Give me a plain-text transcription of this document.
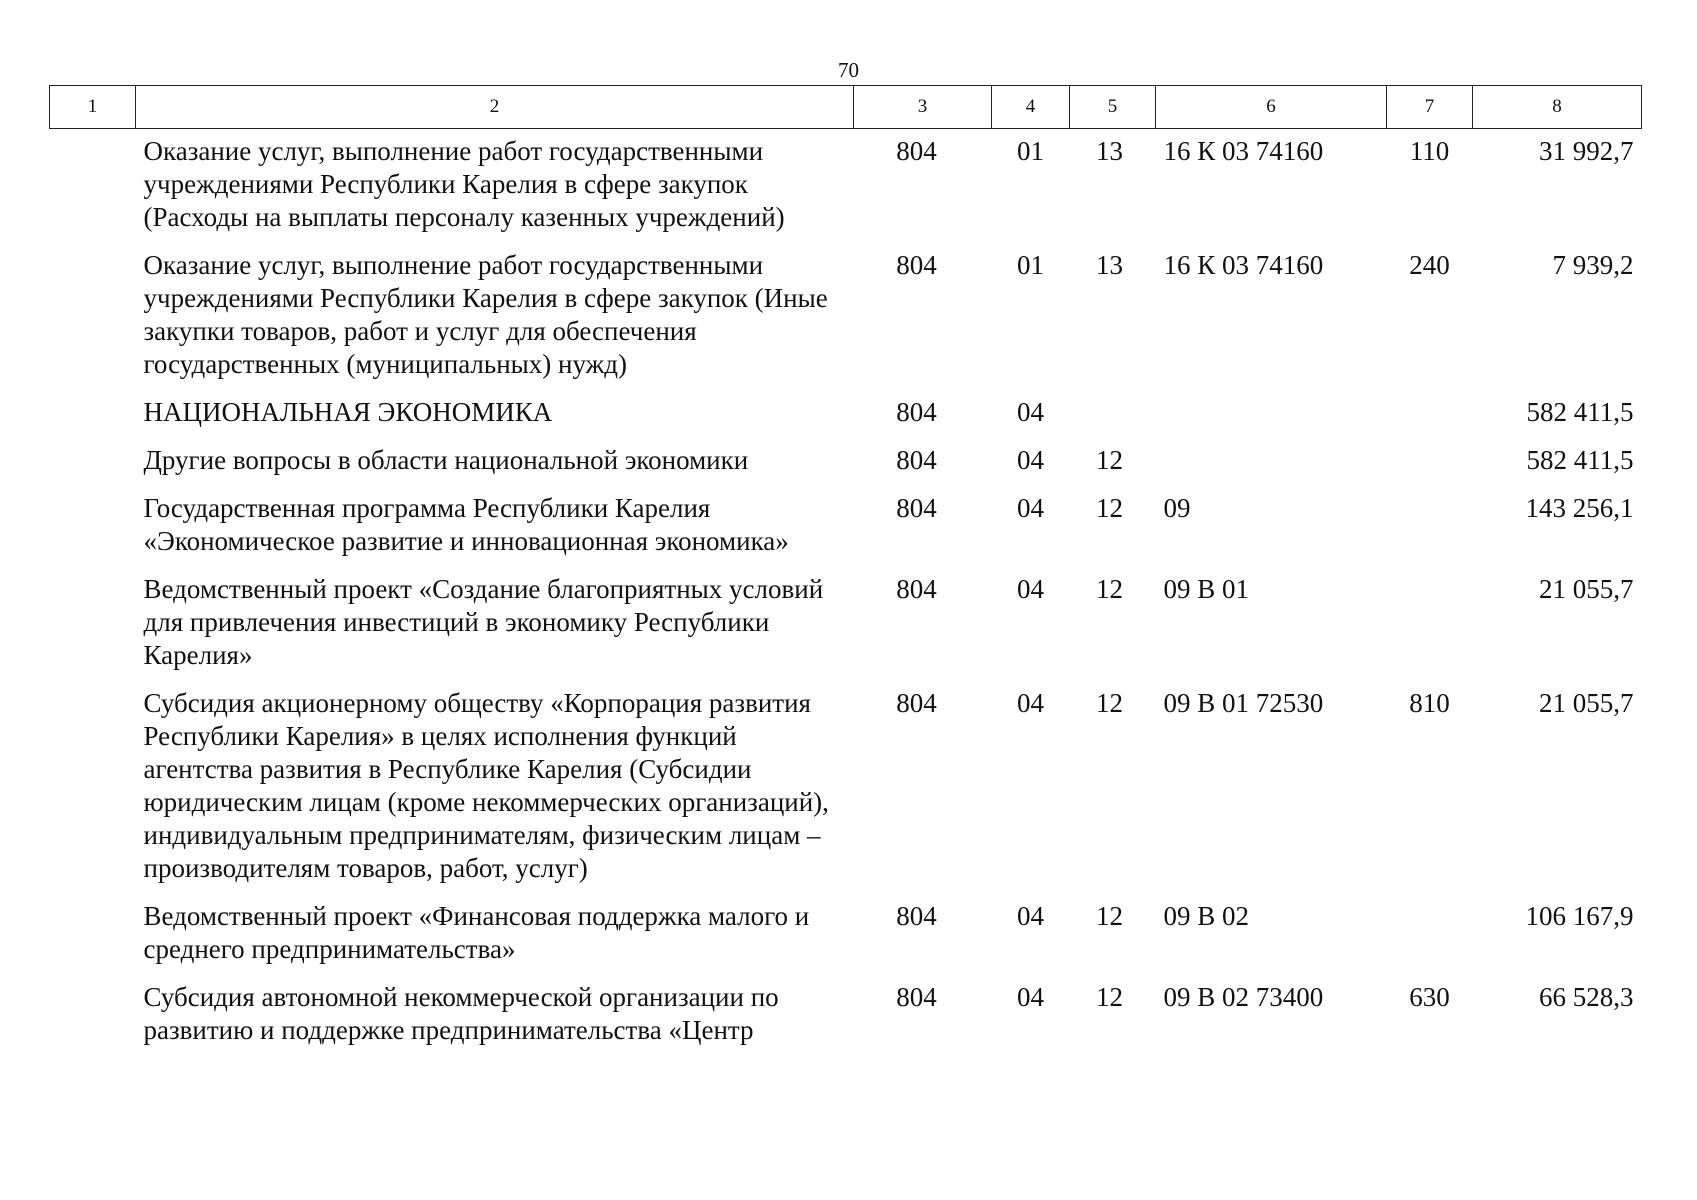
70
1	2	3	4	5	6	7	8
	Оказание услуг, выполнение работ государственными учреждениями Республики Карелия в сфере закупок (Расходы на выплаты персоналу казенных учреждений)	804	01	13	16 К 03 74160	110	31 992,7
	Оказание услуг, выполнение работ государственными учреждениями Республики Карелия в сфере закупок (Иные закупки товаров, работ и услуг для обеспечения государственных (муниципальных) нужд)	804	01	13	16 К 03 74160	240	7 939,2
	НАЦИОНАЛЬНАЯ ЭКОНОМИКА	804	04				582 411,5
	Другие вопросы в области национальной экономики	804	04	12			582 411,5
	Государственная программа Республики Карелия «Экономическое развитие и инновационная экономика»	804	04	12	09		143 256,1
	Ведомственный проект «Создание благоприятных условий для привлечения инвестиций в экономику Республики Карелия»	804	04	12	09 В 01		21 055,7
	Субсидия акционерному обществу «Корпорация развития Республики Карелия» в целях исполнения функций агентства развития в Республике Карелия (Субсидии юридическим лицам (кроме некоммерческих организаций), индивидуальным предпринимателям, физическим лицам – производителям товаров, работ, услуг)	804	04	12	09 В 01 72530	810	21 055,7
	Ведомственный проект «Финансовая поддержка малого и среднего предпринимательства»	804	04	12	09 В 02		106 167,9
	Субсидия автономной некоммерческой организации по развитию и поддержке предпринимательства «Центр	804	04	12	09 В 02 73400	630	66 528,3
